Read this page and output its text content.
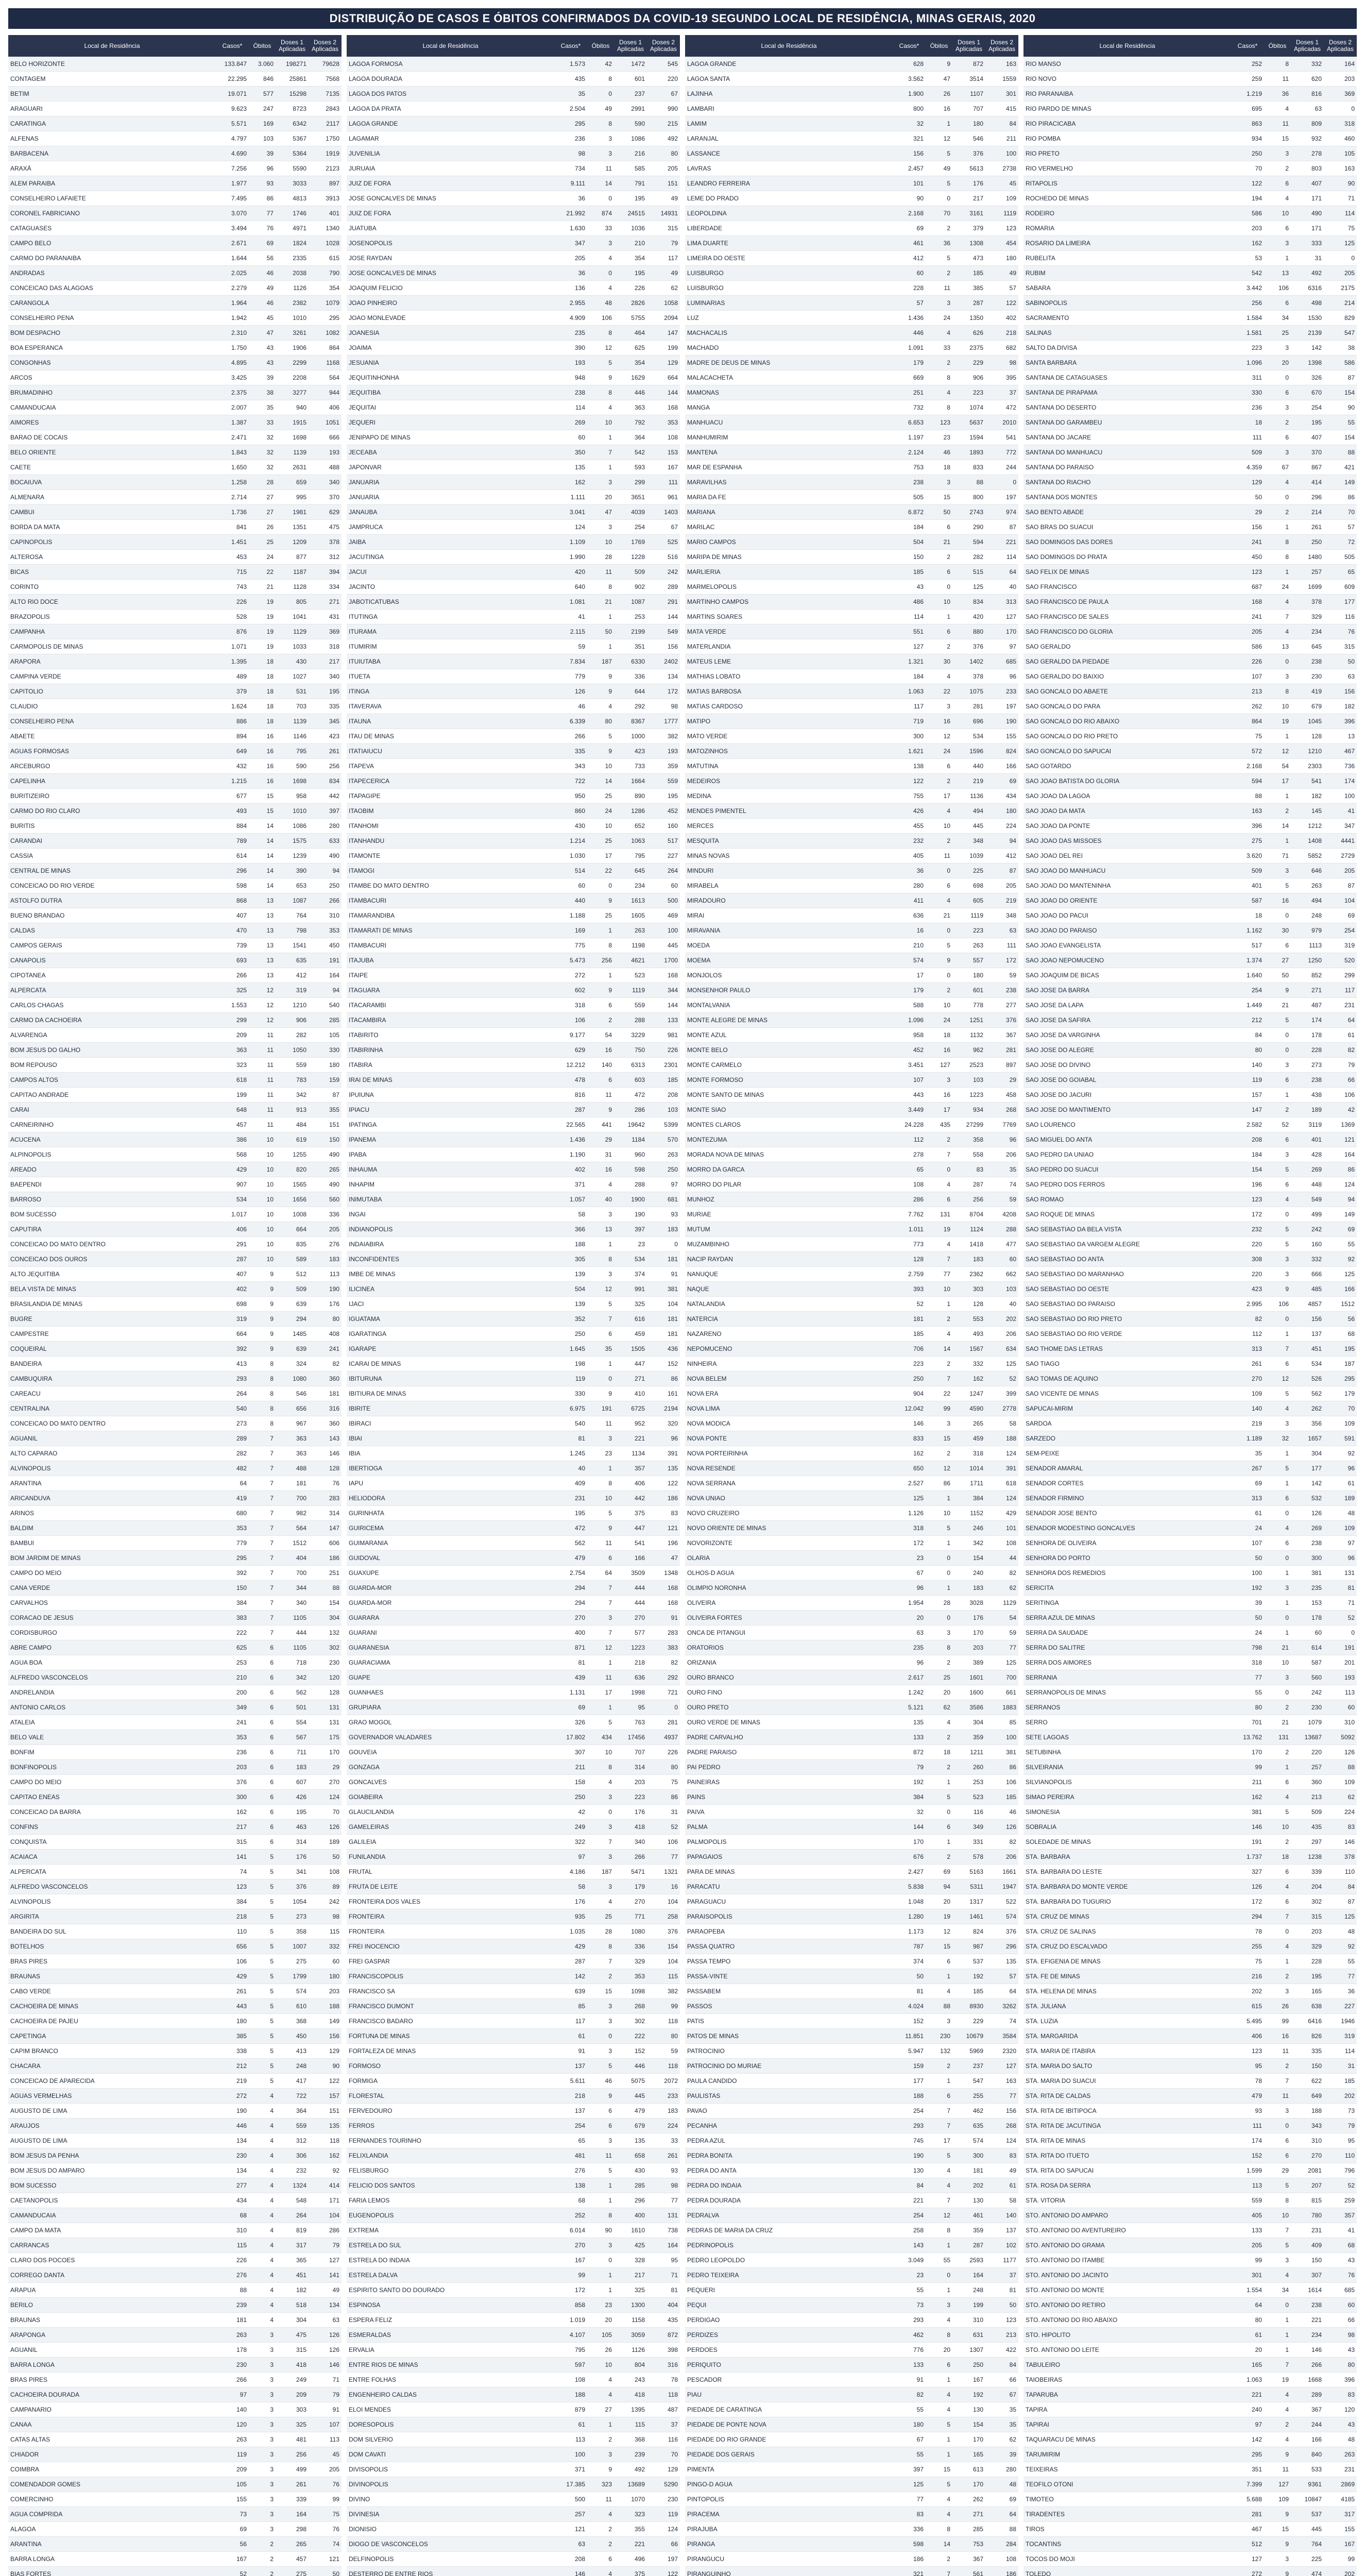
DISTRIBUIÇÃO DE CASOS E ÓBITOS CONFIRMADOS DA COVID-19 SEGUNDO LOCAL DE RESIDÊNCIA, MINAS GERAIS, 2020
Local de Residência	Casos*	Óbitos	Doses 1 Aplicadas
Doses 2 Aplicadas
BELO HORIZONTE	133.847	3.060	198271	79628
CONTAGEM	22.295	846	25861	7568
BETIM	19.071	577	15298	7135
ARAGUARI	9.623	247	8723	2843
CARATINGA	5.571	169	6342	2117
ALFENAS	4.797	103	5367	1750
BARBACENA	4.690	39	5364	1919
ARAXÁ	7.256	96	5590	2123
ALEM PARAIBA	1.977	93	3033	897
CONSELHEIRO LAFAIETE	7.495	86	4813	3913
CORONEL FABRICIANO	3.070	77	1746	401
CATAGUASES	3.494	76	4971	1340
CAMPO BELO	2.671	69	1824	1028
CARMO DO PARANAIBA	1.644	56	2335	615
ANDRADAS	2.025	46	2038	790
CONCEICAO DAS ALAGOAS	2.279	49	1126	354
CARANGOLA	1.964	46	2382	1079
CONSELHEIRO PENA	1.942	45	1010	295
BOM DESPACHO	2.310	47	3261	1082
BOA ESPERANCA	1.750	43	1906	864
CONGONHAS	4.895	43	2299	1168
ARCOS	3.425	39	2208	564
BRUMADINHO	2.375	38	3277	944
CAMANDUCAIA	2.007	35	940	406
AIMORES	1.387	33	1915	1051
BARAO DE COCAIS	2.471	32	1698	666
BELO ORIENTE	1.843	32	1139	193
CAETE	1.650	32	2631	488
BOCAIUVA	1.258	28	659	340
ALMENARA	2.714	27	995	370
CAMBUI	1.736	27	1981	629
BORDA DA MATA	841	26	1351	475
CAPINOPOLIS	1.451	25	1209	378
ALTEROSA	453	24	877	312
BICAS	715	22	1187	394
CORINTO	743	21	1128	334
ALTO RIO DOCE	226	19	805	271
BRAZOPOLIS	528	19	1041	431
CAMPANHA	876	19	1129	369
CARMOPOLIS DE MINAS	1.071	19	1033	318
ARAPORA	1.395	18	430	217
CAMPINA VERDE	489	18	1027	340
CAPITOLIO	379	18	531	195
CLAUDIO	1.624	18	703	335
CONSELHEIRO PENA	886	18	1139	345
ABAETE	894	16	1146	423
AGUAS FORMOSAS	649	16	795	261
ARCEBURGO	432	16	590	256
CAPELINHA	1.215	16	1698	834
BURITIZEIRO	677	15	958	442
CARMO DO RIO CLARO	493	15	1010	397
BURITIS	884	14	1086	280
CARANDAI	789	14	1575	633
CASSIA	614	14	1239	490
CENTRAL DE MINAS	296	14	390	94
CONCEICAO DO RIO VERDE	598	14	653	250
ASTOLFO DUTRA	868	13	1087	266
BUENO BRANDAO	407	13	764	310
CALDAS	470	13	798	353
CAMPOS GERAIS	739	13	1541	450
CANAPOLIS	693	13	635	191
CIPOTANEA	266	13	412	164
ALPERCATA	325	12	319	94
CARLOS CHAGAS	1.553	12	1210	540
CARMO DA CACHOEIRA	299	12	906	285
ALVARENGA	209	11	282	105
BOM JESUS DO GALHO	363	11	1050	330
BOM REPOUSO	323	11	559	180
CAMPOS ALTOS	618	11	783	159
CAPITAO ANDRADE	199	11	342	87
CARAI	648	11	913	355
CARNEIRINHO	457	11	484	151
ACUCENA	386	10	619	150
ALPINOPOLIS	568	10	1255	490
AREADO	429	10	820	265
BAEPENDI	907	10	1565	490
BARROSO	534	10	1656	560
BOM SUCESSO	1.017	10	1008	336
CAPUTIRA	406	10	664	205
CONCEICAO DO MATO DENTRO	291	10	835	276
CONCEICAO DOS OUROS	287	10	589	183
ALTO JEQUITIBA	407	9	512	113
BELA VISTA DE MINAS	402	9	509	190
BRASILANDIA DE MINAS	698	9	639	176
BUGRE	319	9	294	80
CAMPESTRE	664	9	1485	408
COQUEIRAL	392	9	639	241
BANDEIRA	413	8	324	82
CAMBUQUIRA	293	8	1080	360
CAREACU	264	8	546	181
CENTRALINA	540	8	656	316
CONCEICAO DO MATO DENTRO	273	8	967	360
AGUANIL	289	7	363	143
ALTO CAPARAO	282	7	363	146
ALVINOPOLIS	482	7	488	128
ARANTINA	64	7	181	76
ARICANDUVA	419	7	700	283
ARINOS	680	7	982	314
BALDIM	353	7	564	147
BAMBUI	779	7	1512	606
BOM JARDIM DE MINAS	295	7	404	186
CAMPO DO MEIO	392	7	700	251
CANA VERDE	150	7	344	88
CARVALHOS	384	7	340	154
CORACAO DE JESUS	383	7	1105	304
CORDISBURGO	222	7	444	132
ABRE CAMPO	625	6	1105	302
AGUA BOA	253	6	718	230
ALFREDO VASCONCELOS	210	6	342	120
ANDRELANDIA	200	6	562	128
ANTONIO CARLOS	349	6	501	131
ATALEIA	241	6	554	131
BELO VALE	353	6	567	175
BONFIM	236	6	711	170
BONFINOPOLIS	203	6	183	29
CAMPO DO MEIO	376	6	607	270
CAPITAO ENEAS	300	6	426	124
CONCEICAO DA BARRA	162	6	195	70
CONFINS	217	6	463	126
CONQUISTA	315	6	314	189
ACAIACA	141	5	176	50
ALPERCATA	74	5	341	108
ALFREDO VASCONCELOS	123	5	376	89
ALVINOPOLIS	384	5	1054	242
ARGIRITA	218	5	273	98
BANDEIRA DO SUL	110	5	358	115
BOTELHOS	656	5	1007	332
BRAS PIRES	106	5	275	60
BRAUNAS	429	5	1799	180
CABO VERDE	261	5	574	203
CACHOEIRA DE MINAS	443	5	610	188
CACHOEIRA DE PAJEU	180	5	368	149
CAPETINGA	385	5	450	156
CAPIM BRANCO	338	5	413	129
CHACARA	212	5	248	90
CONCEICAO DE APARECIDA	219	5	417	122
AGUAS VERMELHAS	272	4	722	157
AUGUSTO DE LIMA	190	4	364	151
ARAUJOS	446	4	559	135
AUGUSTO DE LIMA	134	4	312	118
BOM JESUS DA PENHA	230	4	306	162
BOM JESUS DO AMPARO	134	4	232	92
BOM SUCESSO	277	4	1324	414
CAETANOPOLIS	434	4	548	171
CAMANDUCAIA	68	4	264	104
CAMPO DA MATA	310	4	819	286
CARRANCAS	115	4	317	79
CLARO DOS POCOES	226	4	365	127
CORREGO DANTA	276	4	451	141
ARAPUA	88	4	182	49
BERILO	239	4	518	134
BRAUNAS	181	4	304	63
ARAPONGA	263	3	475	126
AGUANIL	178	3	315	126
BARRA LONGA	230	3	418	146
BRAS PIRES	266	3	249	71
CACHOEIRA DOURADA	97	3	209	79
CAMPANARIO	140	3	303	91
CANAA	120	3	325	107
CATAS ALTAS	263	3	481	113
CHIADOR	119	3	256	45
COIMBRA	209	3	499	205
COMENDADOR GOMES	105	3	261	76
COMERCINHO	155	3	339	99
AGUA COMPRIDA	73	3	164	75
ALAGOA	69	3	298	76
ARANTINA	56	2	265	74
BARRA LONGA	167	2	457	121
BIAS FORTES	52	2	275	50
Local de Residência	Casos*	Óbitos	Doses 1 Aplicadas
Doses 2 Aplicadas
LAGOA FORMOSA	1.573	42	1472	545
LAGOA DOURADA	435	8	601	220
LAGOA DOS PATOS	35	0	237	67
LAGOA DA PRATA	2.504	49	2991	990
LAGOA GRANDE	295	8	590	215
LAGAMAR	236	3	1086	492
JUVENILIA	98	3	216	80
JURUAIA	734	11	585	205
JUIZ DE FORA	9.111	14	791	151
JOSE GONCALVES DE MINAS	36	0	195	49
JUIZ DE FORA	21.992	874	24515	14931
JUATUBA	1.630	33	1036	315
JOSENOPOLIS	347	3	210	79
JOSE RAYDAN	205	4	354	117
JOSE GONCALVES DE MINAS	36	0	195	49
JOAQUIM FELICIO	136	4	226	62
JOAO PINHEIRO	2.955	48	2826	1058
JOAO MONLEVADE	4.909	106	5755	2094
JOANESIA	235	8	464	147
JOAIMA	390	12	625	199
JESUANIA	193	5	354	129
JEQUITINHONHA	948	9	1629	664
JEQUITIBA	238	8	446	144
JEQUITAI	114	4	363	168
JEQUERI	269	10	792	353
JENIPAPO DE MINAS	60	1	364	108
JECEABA	350	7	542	153
JAPONVAR	135	1	593	167
JANUARIA	162	3	299	111
JANUARIA	1.111	20	3651	961
JANAUBA	3.041	47	4039	1403
JAMPRUCA	124	3	254	67
JAIBA	1.109	10	1769	525
JACUTINGA	1.990	28	1228	516
JACUI	420	11	509	242
JACINTO	640	8	902	289
JABOTICATUBAS	1.081	21	1087	291
ITUTINGA	41	1	253	144
ITURAMA	2.115	50	2199	549
ITUMIRIM	59	1	351	156
ITUIUTABA	7.834	187	6330	2402
ITUETA	779	9	336	134
ITINGA	126	9	644	172
ITAVERAVA	46	4	292	98
ITAUNA	6.339	80	8367	1777
ITAU DE MINAS	266	5	1000	382
ITATIAIUCU	335	9	423	193
ITAPEVA	343	10	733	359
ITAPECERICA	722	14	1664	559
ITAPAGIPE	950	25	890	195
ITAOBIM	860	24	1286	452
ITANHOMI	430	10	652	160
ITANHANDU	1.214	25	1063	517
ITAMONTE	1.030	17	795	227
ITAMOGI	514	22	645	264
ITAMBE DO MATO DENTRO	60	0	234	60
ITAMBACURI	440	9	1613	500
ITAMARANDIBA	1.188	25	1605	469
ITAMARATI DE MINAS	169	1	263	100
ITAMBACURI	775	8	1198	445
ITAJUBA	5.473	256	4621	1700
ITAIPE	272	1	523	168
ITAGUARA	602	9	1119	344
ITACARAMBI	318	6	559	144
ITACAMBIRA	106	2	288	133
ITABIRITO	9.177	54	3229	981
ITABIRINHA	629	16	750	226
ITABIRA	12.212	140	6313	2301
IRAI DE MINAS	478	6	603	185
IPUIUNA	816	11	472	208
IPIACU	287	9	286	103
IPATINGA	22.565	441	19642	5399
IPANEMA	1.436	29	1184	570
IPABA	1.190	31	960	263
INHAUMA	402	16	598	250
INHAPIM	371	4	288	97
INIMUTABA	1.057	40	1900	681
INGAI	58	3	190	93
INDIANOPOLIS	366	13	397	183
INDAIABIRA	188	1	23	0
INCONFIDENTES	305	8	534	181
IMBE DE MINAS	139	3	374	91
ILICINEA	504	12	991	381
IJACI	139	5	325	104
IGUATAMA	352	7	616	181
IGARATINGA	250	6	459	181
IGARAPE	1.645	35	1505	436
ICARAI DE MINAS	198	1	447	152
IBITURUNA	119	0	271	86
IBITIURA DE MINAS	330	9	410	161
IBIRITE	6.975	191	6725	2194
IBIRACI	540	11	952	320
IBIAI	81	3	221	96
IBIA	1.245	23	1134	391
IBERTIOGA	40	1	357	135
IAPU	409	8	406	122
HELIODORA	231	10	442	186
GURINHATA	195	5	375	83
GUIRICEMA	472	9	447	121
GUIMARANIA	562	11	541	196
GUIDOVAL	479	6	166	47
GUAXUPE	2.754	64	3509	1348
GUARDA-MOR	294	7	444	168
GUARDA-MOR	294	7	444	168
GUARARA	270	3	270	91
GUARANI	400	7	577	283
GUARANESIA	871	12	1223	383
GUARACIAMA	81	1	218	82
GUAPE	439	11	636	292
GUANHAES	1.131	17	1998	721
GRUPIARA	69	1	95	0
GRAO MOGOL	326	5	763	281
GOVERNADOR VALADARES	17.802	434	17456	4937
GOUVEIA	307	10	707	226
GONZAGA	211	8	314	80
GONCALVES	158	4	203	75
GOIABEIRA	250	3	223	86
GLAUCILANDIA	42	0	176	31
GAMELEIRAS	249	3	418	52
GALILEIA	322	7	340	106
FUNILANDIA	97	3	266	77
FRUTAL	4.186	187	5471	1321
FRUTA DE LEITE	58	3	179	16
FRONTEIRA DOS VALES	176	4	270	104
FRONTEIRA	935	25	771	258
FRONTEIRA	1.035	28	1080	376
FREI INOCENCIO	429	8	336	154
FREI GASPAR	287	7	329	104
FRANCISCOPOLIS	142	2	353	115
FRANCISCO SA	639	15	1098	382
FRANCISCO DUMONT	85	3	268	99
FRANCISCO BADARO	117	3	302	118
FORTUNA DE MINAS	61	0	222	80
FORTALEZA DE MINAS	91	3	152	59
FORMOSO	137	5	446	118
FORMIGA	5.611	46	5075	2072
FLORESTAL	218	9	445	233
FERVEDOURO	137	6	479	183
FERROS	254	6	679	224
FERNANDES TOURINHO	65	3	135	33
FELIXLANDIA	481	11	658	261
FELISBURGO	276	5	430	93
FELICIO DOS SANTOS	138	1	285	98
FARIA LEMOS	68	1	296	77
EUGENOPOLIS	252	8	400	131
EXTREMA	6.014	90	1610	738
ESTRELA DO SUL	270	3	425	164
ESTRELA DO INDAIA	167	0	328	95
ESTRELA DALVA	99	1	217	71
ESPIRITO SANTO DO DOURADO	172	1	325	81
ESPINOSA	858	23	1300	404
ESPERA FELIZ	1.019	20	1158	435
ESMERALDAS	4.107	105	3059	872
ERVALIA	795	26	1126	398
ENTRE RIOS DE MINAS	597	10	804	316
ENTRE FOLHAS	108	4	243	78
ENGENHEIRO CALDAS	188	4	418	118
ELOI MENDES	879	27	1395	487
DORESOPOLIS	61	1	115	37
DOM SILVERIO	113	2	368	116
DOM CAVATI	100	3	239	70
DIVISOPOLIS	371	9	492	129
DIVINOPOLIS	17.385	323	13689	5290
DIVINO	500	11	1070	230
DIVINESIA	257	4	323	119
DIONISIO	121	2	355	124
DIOGO DE VASCONCELOS	63	2	221	66
DELFINOPOLIS	208	6	496	197
DESTERRO DE ENTRE RIOS	146	4	375	122
Local de Residência	Casos*	Óbitos	Doses 1 Aplicadas
Doses 2 Aplicadas
LAGOA GRANDE	628	9	872	163
LAGOA SANTA	3.562	47	3514	1559
LAJINHA	1.900	26	1107	301
LAMBARI	800	16	707	415
LAMIM	32	1	180	84
LARANJAL	321	12	546	211
LASSANCE	156	5	376	100
LAVRAS	2.457	49	5613	2738
LEANDRO FERREIRA	101	5	176	45
LEME DO PRADO	90	0	217	109
LEOPOLDINA	2.168	70	3161	1119
LIBERDADE	69	2	379	123
LIMA DUARTE	461	36	1308	454
LIMEIRA DO OESTE	412	5	473	180
LUISBURGO	60	2	185	49
LUISBURGO	228	11	385	57
LUMINARIAS	57	3	287	122
LUZ	1.436	24	1350	402
MACHACALIS	446	4	626	218
MACHADO	1.091	33	2375	682
MADRE DE DEUS DE MINAS	179	2	229	98
MALACACHETA	669	8	906	395
MAMONAS	251	4	223	37
MANGA	732	8	1074	472
MANHUACU	6.653	123	5637	2010
MANHUMIRIM	1.197	23	1594	541
MANTENA	2.124	46	1893	772
MAR DE ESPANHA	753	18	833	244
MARAVILHAS	238	3	88	0
MARIA DA FE	505	15	800	197
MARIANA	6.872	50	2743	974
MARILAC	184	6	290	87
MARIO CAMPOS	504	21	594	221
MARIPA DE MINAS	150	2	282	114
MARLIERIA	185	6	515	64
MARMELOPOLIS	43	0	125	40
MARTINHO CAMPOS	486	10	834	313
MARTINS SOARES	114	1	420	127
MATA VERDE	551	6	880	170
MATERLANDIA	127	2	376	97
MATEUS LEME	1.321	30	1402	685
MATHIAS LOBATO	184	4	378	96
MATIAS BARBOSA	1.063	22	1075	233
MATIAS CARDOSO	117	3	281	197
MATIPO	719	16	696	190
MATO VERDE	300	12	534	155
MATOZINHOS	1.621	24	1596	824
MATUTINA	138	6	440	166
MEDEIROS	122	2	219	69
MEDINA	755	17	1136	434
MENDES PIMENTEL	426	4	494	180
MERCES	455	10	445	224
MESQUITA	232	2	348	94
MINAS NOVAS	405	11	1039	412
MINDURI	36	0	225	87
MIRABELA	280	6	698	205
MIRADOURO	411	4	605	219
MIRAI	636	21	1119	348
MIRAVANIA	16	0	223	63
MOEDA	210	5	263	111
MOEMA	574	9	557	172
MONJOLOS	17	0	180	59
MONSENHOR PAULO	179	2	601	238
MONTALVANIA	588	10	778	277
MONTE ALEGRE DE MINAS	1.096	24	1251	376
MONTE AZUL	958	18	1132	367
MONTE BELO	452	16	962	281
MONTE CARMELO	3.451	127	2523	897
MONTE FORMOSO	107	3	103	29
MONTE SANTO DE MINAS	443	16	1223	458
MONTE SIAO	3.449	17	934	268
MONTES CLAROS	24.228	435	27299	7769
MONTEZUMA	112	2	358	96
MORADA NOVA DE MINAS	278	7	558	206
MORRO DA GARCA	65	0	83	35
MORRO DO PILAR	108	4	287	74
MUNHOZ	286	6	256	59
MURIAE	7.762	131	8704	4208
MUTUM	1.011	19	1124	288
MUZAMBINHO	773	4	1418	477
NACIP RAYDAN	128	7	183	60
NANUQUE	2.759	77	2362	662
NAQUE	393	10	303	103
NATALANDIA	52	1	128	40
NATERCIA	181	2	553	202
NAZARENO	185	4	493	206
NEPOMUCENO	706	14	1567	634
NINHEIRA	223	2	332	125
NOVA BELEM	250	7	162	52
NOVA ERA	904	22	1247	399
NOVA LIMA	12.042	99	4590	2778
NOVA MODICA	146	3	265	58
NOVA PONTE	833	15	459	188
NOVA PORTEIRINHA	162	2	318	124
NOVA RESENDE	650	12	1014	391
NOVA SERRANA	2.527	86	1711	618
NOVA UNIAO	125	1	384	124
NOVO CRUZEIRO	1.126	10	1152	429
NOVO ORIENTE DE MINAS	318	5	246	101
NOVORIZONTE	172	1	342	108
OLARIA	23	0	154	44
OLHOS-D AGUA	67	0	240	82
OLIMPIO NORONHA	96	1	183	62
OLIVEIRA	1.954	28	3028	1129
OLIVEIRA FORTES	20	0	176	54
ONCA DE PITANGUI	63	3	170	59
ORATORIOS	235	8	203	77
ORIZANIA	96	2	389	125
OURO BRANCO	2.617	25	1601	700
OURO FINO	1.242	20	1600	661
OURO PRETO	5.121	62	3586	1883
OURO VERDE DE MINAS	135	4	304	85
PADRE CARVALHO	133	2	359	100
PADRE PARAISO	872	18	1211	381
PAI PEDRO	79	2	260	86
PAINEIRAS	192	1	253	106
PAINS	384	5	523	185
PAIVA	32	0	116	46
PALMA	144	6	349	126
PALMOPOLIS	170	1	331	82
PAPAGAIOS	676	2	578	206
PARA DE MINAS	2.427	69	5163	1661
PARACATU	5.838	94	5311	1947
PARAGUACU	1.048	20	1317	522
PARAISOPOLIS	1.280	19	1461	574
PARAOPEBA	1.173	12	824	376
PASSA QUATRO	787	15	987	296
PASSA TEMPO	374	6	537	135
PASSA-VINTE	50	1	192	57
PASSABEM	81	4	185	64
PASSOS	4.024	88	8930	3262
PATIS	152	3	229	74
PATOS DE MINAS	11.851	230	10679	3584
PATROCINIO	5.947	132	5969	2320
PATROCINIO DO MURIAE	159	2	237	127
PAULA CANDIDO	177	1	547	163
PAULISTAS	188	6	255	77
PAVAO	254	7	462	156
PECANHA	293	7	635	268
PEDRA AZUL	745	17	574	124
PEDRA BONITA	190	5	300	83
PEDRA DO ANTA	130	4	181	49
PEDRA DO INDAIA	84	4	202	61
PEDRA DOURADA	221	7	130	58
PEDRALVA	254	12	461	140
PEDRAS DE MARIA DA CRUZ	258	8	359	137
PEDRINOPOLIS	143	1	287	102
PEDRO LEOPOLDO	3.049	55	2593	1177
PEDRO TEIXEIRA	23	0	164	37
PEQUERI	55	1	248	81
PEQUI	73	3	199	50
PERDIGAO	293	4	310	123
PERDIZES	462	8	631	213
PERDOES	776	20	1307	422
PERIQUITO	133	6	250	84
PESCADOR	91	1	167	66
PIAU	82	4	192	67
PIEDADE DE CARATINGA	55	4	130	35
PIEDADE DE PONTE NOVA	180	5	154	35
PIEDADE DO RIO GRANDE	67	1	170	62
PIEDADE DOS GERAIS	55	1	165	39
PIMENTA	397	15	613	280
PINGO-D AGUA	125	5	170	48
PINTOPOLIS	77	4	262	69
PIRACEMA	83	4	271	64
PIRAJUBA	336	8	285	88
PIRANGA	598	14	753	284
PIRANGUCU	186	2	367	108
PIRANGUINHO	321	7	561	186
Local de Residência	Casos*	Óbitos	Doses 1 Aplicadas
Doses 2 Aplicadas
RIO MANSO	252	8	332	164
RIO NOVO	259	11	620	203
RIO PARANAIBA	1.219	36	816	369
RIO PARDO DE MINAS	695	4	63	0
RIO PIRACICABA	863	11	809	318
RIO POMBA	934	15	932	460
RIO PRETO	250	3	278	105
RIO VERMELHO	70	2	803	163
RITAPOLIS	122	6	407	90
ROCHEDO DE MINAS	194	4	171	71
RODEIRO	586	10	490	114
ROMARIA	203	6	171	75
ROSARIO DA LIMEIRA	162	3	333	125
RUBELITA	53	1	31	0
RUBIM	542	13	492	205
SABARA	3.442	106	6316	2175
SABINOPOLIS	256	6	498	214
SACRAMENTO	1.584	34	1530	829
SALINAS	1.581	25	2139	547
SALTO DA DIVISA	223	3	142	38
SANTA BARBARA	1.096	20	1398	586
SANTANA DE CATAGUASES	311	0	326	87
SANTANA DE PIRAPAMA	330	6	670	154
SANTANA DO DESERTO	236	3	254	90
SANTANA DO GARAMBEU	18	2	195	55
SANTANA DO JACARE	111	6	407	154
SANTANA DO MANHUACU	509	3	370	88
SANTANA DO PARAISO	4.359	67	867	421
SANTANA DO RIACHO	129	4	414	149
SANTANA DOS MONTES	50	0	296	86
SAO BENTO ABADE	29	2	214	70
SAO BRAS DO SUACUI	156	1	261	57
SAO DOMINGOS DAS DORES	241	8	250	72
SAO DOMINGOS DO PRATA	450	8	1480	505
SAO FELIX DE MINAS	123	1	257	65
SAO FRANCISCO	687	24	1699	609
SAO FRANCISCO DE PAULA	168	4	378	177
SAO FRANCISCO DE SALES	241	7	329	116
SAO FRANCISCO DO GLORIA	205	4	234	76
SAO GERALDO	586	13	645	315
SAO GERALDO DA PIEDADE	226	0	238	50
SAO GERALDO DO BAIXIO	107	3	230	63
SAO GONCALO DO ABAETE	213	8	419	156
SAO GONCALO DO PARA	262	10	679	182
SAO GONCALO DO RIO ABAIXO	864	19	1045	396
SAO GONCALO DO RIO PRETO	75	1	128	13
SAO GONCALO DO SAPUCAI	572	12	1210	467
SAO GOTARDO	2.168	54	2303	736
SAO JOAO BATISTA DO GLORIA	594	17	541	174
SAO JOAO DA LAGOA	88	1	182	100
SAO JOAO DA MATA	163	2	145	41
SAO JOAO DA PONTE	396	14	1212	347
SAO JOAO DAS MISSOES	275	1	1408	4441
SAO JOAO DEL REI	3.620	71	5852	2729
SAO JOAO DO MANHUACU	509	3	646	205
SAO JOAO DO MANTENINHA	401	5	263	87
SAO JOAO DO ORIENTE	587	16	494	104
SAO JOAO DO PACUI	18	0	248	69
SAO JOAO DO PARAISO	1.162	30	979	254
SAO JOAO EVANGELISTA	517	6	1113	319
SAO JOAO NEPOMUCENO	1.374	27	1250	520
SAO JOAQUIM DE BICAS	1.640	50	852	299
SAO JOSE DA BARRA	254	9	271	117
SAO JOSE DA LAPA	1.449	21	487	231
SAO JOSE DA SAFIRA	212	5	174	64
SAO JOSE DA VARGINHA	84	0	178	61
SAO JOSE DO ALEGRE	80	0	228	82
SAO JOSE DO DIVINO	140	3	273	79
SAO JOSE DO GOIABAL	119	6	238	66
SAO JOSE DO JACURI	157	1	438	106
SAO JOSE DO MANTIMENTO	147	2	189	42
SAO LOURENCO	2.582	52	3119	1369
SAO MIGUEL DO ANTA	208	6	401	121
SAO PEDRO DA UNIAO	184	3	428	164
SAO PEDRO DO SUACUI	154	5	269	86
SAO PEDRO DOS FERROS	196	6	448	124
SAO ROMAO	123	4	549	94
SAO ROQUE DE MINAS	172	0	499	149
SAO SEBASTIAO DA BELA VISTA	232	5	242	69
SAO SEBASTIAO DA VARGEM ALEGRE	220	5	160	55
SAO SEBASTIAO DO ANTA	308	3	332	92
SAO SEBASTIAO DO MARANHAO	220	3	666	125
SAO SEBASTIAO DO OESTE	423	9	485	166
SAO SEBASTIAO DO PARAISO	2.995	106	4857	1512
SAO SEBASTIAO DO RIO PRETO	82	0	156	56
SAO SEBASTIAO DO RIO VERDE	112	1	137	68
SAO THOME DAS LETRAS	313	7	451	195
SAO TIAGO	261	6	534	187
SAO TOMAS DE AQUINO	270	12	526	295
SAO VICENTE DE MINAS	109	5	562	179
SAPUCAI-MIRIM	140	4	262	70
SARDOA	219	3	356	109
SARZEDO	1.189	32	1657	591
SEM-PEIXE	35	1	304	92
SENADOR AMARAL	267	5	177	96
SENADOR CORTES	69	1	142	61
SENADOR FIRMINO	313	6	532	189
SENADOR JOSE BENTO	61	0	126	48
SENADOR MODESTINO GONCALVES	24	4	269	109
SENHORA DE OLIVEIRA	107	6	238	97
SENHORA DO PORTO	50	0	300	96
SENHORA DOS REMEDIOS	100	1	381	131
SERICITA	192	3	235	81
SERITINGA	39	1	153	71
SERRA AZUL DE MINAS	50	0	178	52
SERRA DA SAUDADE	24	1	60	0
SERRA DO SALITRE	798	21	614	191
SERRA DOS AIMORES	318	10	587	201
SERRANIA	77	3	560	193
SERRANOPOLIS DE MINAS	55	0	242	113
SERRANOS	80	2	230	60
SERRO	701	21	1079	310
SETE LAGOAS	13.762	131	13687	5092
SETUBINHA	170	2	220	126
SILVEIRANIA	99	1	257	88
SILVIANOPOLIS	211	6	360	109
SIMAO PEREIRA	162	4	213	62
SIMONESIA	381	5	509	224
SOBRALIA	146	10	435	83
SOLEDADE DE MINAS	191	2	297	146
STA. BARBARA	1.737	18	1238	378
STA. BARBARA DO LESTE	327	6	339	110
STA. BARBARA DO MONTE VERDE	126	4	204	84
STA. BARBARA DO TUGURIO	172	6	302	87
STA. CRUZ DE MINAS	294	7	315	125
STA. CRUZ DE SALINAS	78	0	203	48
STA. CRUZ DO ESCALVADO	255	4	329	92
STA. EFIGENIA DE MINAS	75	1	228	55
STA. FE DE MINAS	216	2	195	77
STA. HELENA DE MINAS	202	3	165	36
STA. JULIANA	615	26	638	227
STA. LUZIA	5.495	99	6416	1946
STA. MARGARIDA	406	16	826	319
STA. MARIA DE ITABIRA	123	11	335	114
STA. MARIA DO SALTO	95	2	150	31
STA. MARIA DO SUACUI	78	7	622	185
STA. RITA DE CALDAS	479	11	649	202
STA. RITA DE IBITIPOCA	93	3	188	73
STA. RITA DE JACUTINGA	111	0	343	79
STA. RITA DE MINAS	174	6	310	95
STA. RITA DO ITUETO	152	6	270	110
STA. RITA DO SAPUCAI	1.599	29	2081	796
STA. ROSA DA SERRA	113	5	207	52
STA. VITORIA	559	8	815	259
STO. ANTONIO DO AMPARO	405	10	780	357
STO. ANTONIO DO AVENTUREIRO	133	7	231	41
STO. ANTONIO DO GRAMA	205	5	409	68
STO. ANTONIO DO ITAMBE	99	3	150	43
STO. ANTONIO DO JACINTO	301	4	307	76
STO. ANTONIO DO MONTE	1.554	34	1614	685
STO. ANTONIO DO RETIRO	64	0	238	60
STO. ANTONIO DO RIO ABAIXO	80	1	221	66
STO. HIPOLITO	61	1	234	98
STO. ANTONIO DO LEITE	20	1	146	43
TABULEIRO	165	7	266	80
TAIOBEIRAS	1.063	19	1668	396
TAPARUBA	221	4	289	83
TAPIRA	240	4	367	120
TAPIRAI	97	2	244	43
TAQUARACU DE MINAS	142	4	166	48
TARUMIRIM	295	9	840	263
TEIXEIRAS	351	11	533	231
TEOFILO OTONI	7.399	127	9361	2869
TIMOTEO	5.688	109	10847	4185
TIRADENTES	281	9	537	317
TIROS	467	15	445	155
TOCANTINS	512	9	764	167
TOCOS DO MOJI	127	3	225	99
TOLEDO	272	9	474	202
